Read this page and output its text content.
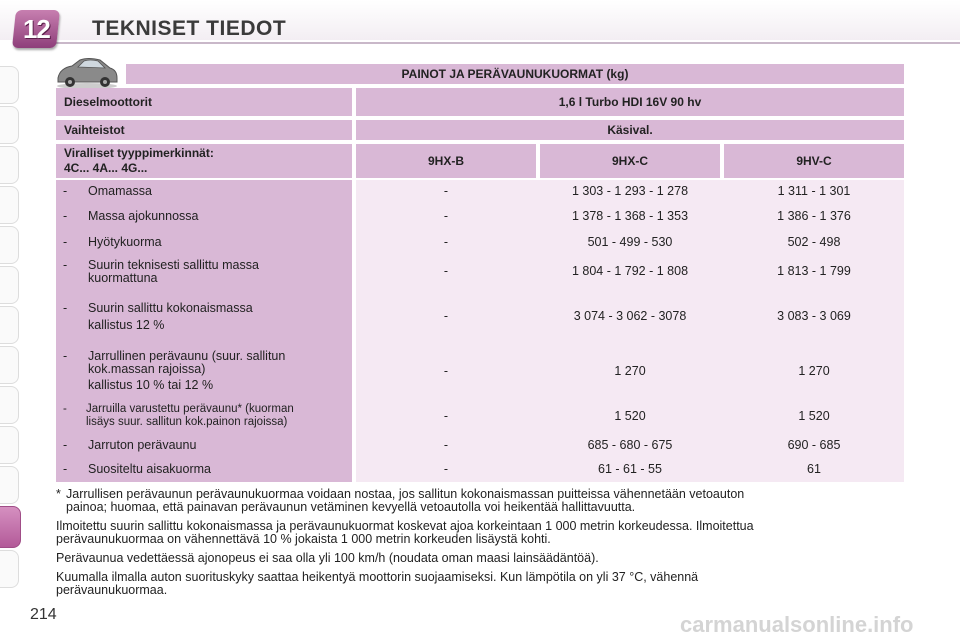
12 TEKNISET TIEDOT
PAINOT JA PERÄVAUNUKUORMAT (kg)
Dieselmoottorit	1,6 l Turbo HDI 16V 90 hv
Vaihteistot	Käsival.
Viralliset tyyppimerkinnät:
4C... 4A... 4G...	9HX-B	9HX-C	9HV-C
- Omamassa	-	1 303 - 1 293 - 1 278	1 311 - 1 301
- Massa ajokunnossa	-	1 378 - 1 368 - 1 353	1 386 - 1 376
- Hyötykuorma	-	501 - 499 - 530	502 - 498
- Suurin teknisesti sallittu massa
kuormattuna	-	1 804 - 1 792 - 1 808	1 813 - 1 799
- Suurin sallittu kokonaismassa
kallistus 12 %
-	3 074 - 3 062 - 3078	3 083 - 3 069
- Jarrullinen perävaunu (suur. sallitun
kok.massan rajoissa)
kallistus 10 % tai 12 %
-	1 270	1 270
- Jarruilla varustettu perävaunu* (kuorman
lisäys suur. sallitun kok.painon rajoissa)	-	1 520	1 520
- Jarruton perävaunu	-	685 - 680 - 675	690 - 685
- Suositeltu aisakuorma	-	61 - 61 - 55	61

* Jarrullisen perävaunun perävaunukuormaa voidaan nostaa, jos sallitun kokonaismassan puitteissa vähennetään vetoauton
painoa; huomaa, että painavan perävaunun vetäminen kevyellä vetoautolla voi heikentää hallittavuutta.

Ilmoitettu suurin sallittu kokonaismassa ja perävaunukuormat koskevat ajoa korkeintaan 1 000 metrin korkeudessa. Ilmoitettua
perävaunukuormaa on vähennettävä 10 % jokaista 1 000 metrin korkeuden lisäystä kohti.

Perävaunua vedettäessä ajonopeus ei saa olla yli 100 km/h (noudata oman maasi lainsäädäntöä).

Kuumalla ilmalla auton suorituskyky saattaa heikentyä moottorin suojaamiseksi. Kun lämpötila on yli 37 °C, vähennä
perävaunukuormaa.

214	carmanualsonline.info
